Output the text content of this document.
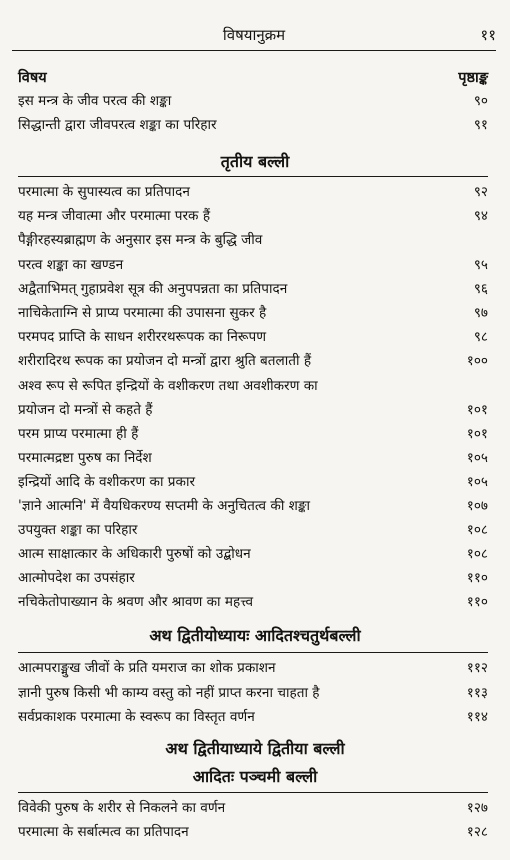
विषयानुक्रम	११
विषय	पृष्ठाङ्क
इस मन्त्र के जीव परत्व की शङ्का	९०
सिद्धान्ती द्वारा जीवपरत्व शङ्का का परिहार	९१
तृतीय बल्ली
परमात्मा के सुपास्यत्व का प्रतिपादन	९२
यह मन्त्र जीवात्मा और परमात्मा परक हैं	९४
पैङ्गीरहस्यब्राह्मण के अनुसार इस मन्त्र के बुद्धि जीव
परत्व शङ्का का खण्डन	९५
अद्वैताभिमत् गुहाप्रवेश सूत्र की अनुपपन्नता का प्रतिपादन	९६
नाचिकेताग्नि से प्राप्य परमात्मा की उपासना सुकर है	९७
परमपद प्राप्ति के साधन शरीररथरूपक का निरूपण	९८
शरीरादिरथ रूपक का प्रयोजन दो मन्त्रों द्वारा श्रुति बतलाती हैं	१००
अश्व रूप से रूपित इन्द्रियों के वशीकरण तथा अवशीकरण का
प्रयोजन दो मन्त्रों से कहते हैं	१०१
परम प्राप्य परमात्मा ही हैं	१०१
परमात्मद्रष्टा पुरुष का निर्देश	१०५
इन्द्रियों आदि के वशीकरण का प्रकार	१०५
'ज्ञाने आत्मनि' में वैयधिकरण्य सप्तमी के अनुचितत्व की शङ्का	१०७
उपयुक्त शङ्का का परिहार	१०८
आत्म साक्षात्कार के अधिकारी पुरुषों को उद्बोधन	१०८
आत्मोपदेश का उपसंहार	११०
नचिकेतोपाख्यान के श्रवण और श्रावण का महत्त्व	११०
अथ द्वितीयोध्यायः आदितश्चतुर्थबल्ली
आत्मपराङ्मुख जीवों के प्रति यमराज का शोक प्रकाशन	११२
ज्ञानी पुरुष किसी भी काम्य वस्तु को नहीं प्राप्त करना चाहता है	११३
सर्वप्रकाशक परमात्मा के स्वरूप का विस्तृत वर्णन	११४
अथ द्वितीयाध्याये द्वितीया बल्ली
आदितः पञ्चमी बल्ली
विवेकी पुरुष के शरीर से निकलने का वर्णन	१२७
परमात्मा के सर्बात्मत्व का प्रतिपादन	१२८
